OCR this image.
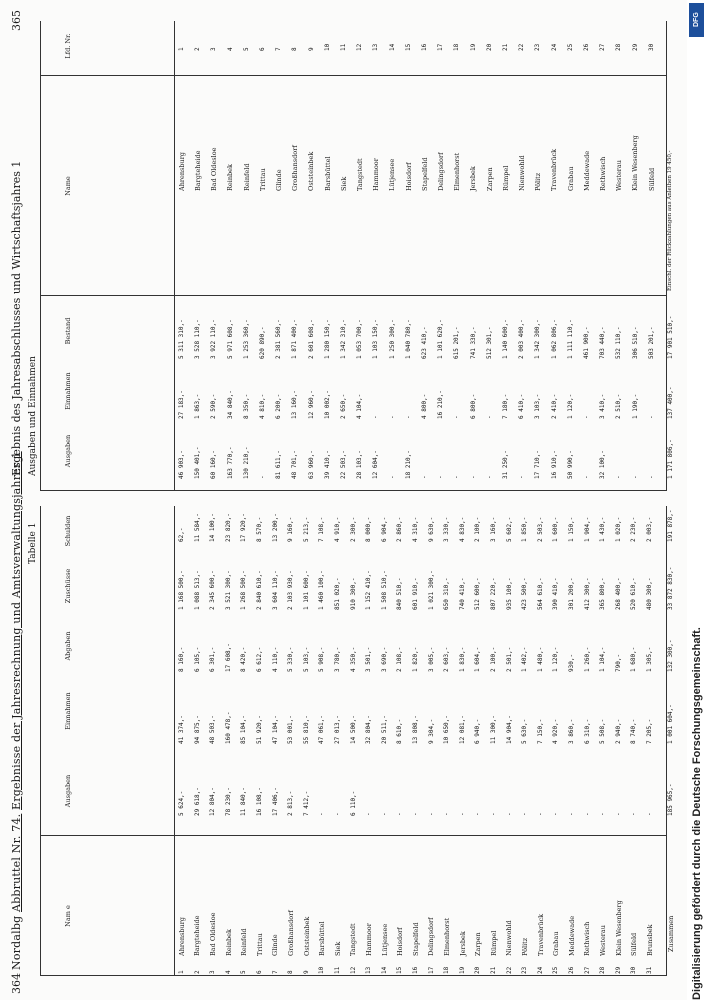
364
Nordalbg Abbruttel Nr. 74. Ergebnisse der Jahresrechnung und Amtsverwaltungsjahres 1
Ergebnis des Jahresabschlusses und Wirtschaftsjahres 1
365
Tabelle 1
Ausgaben und Einnahmen
Nam e
Ausgaben
Einnahmen
Abgaben
Zuschüsse
Schulden
Ausgaben
Einnahmen
Bestand
Name
Lfd. Nr.
1
Ahrensburg
5 624,-
41 374,-
8 160,-
1 168 500,-
62,-
2
Bargteheide
29 618,-
94 875,-
6 105,-
1 088 513,-
11 584,-
3
Bad Oldesloe
12 804,-
48 503,-
6 301,-
2 345 600,-
14 100,-
4
Reinbek
78 230,-
160 478,-
17 608,-
3 521 300,-
23 820,-
5
Reinfeld
11 840,-
85 104,-
8 420,-
1 268 500,-
17 920,-
6
Trittau
16 108,-
51 920,-
6 612,-
2 840 610,-
8 570,-
7
Glinde
17 406,-
47 104,-
4 110,-
3 604 110,-
13 200,-
8
Großhansdorf
2 813,-
53 001,-
5 330,-
2 103 930,-
9 160,-
9
Oststeinbek
7 412,-
55 810,-
5 103,-
1 101 600,-
5 213,-
10
Barsbüttel
-
47 061,-
5 908,-
1 460 100,-
7 108,-
11
Siek
-
27 013,-
3 780,-
851 020,-
4 910,-
12
Tangstedt
6 110,-
14 500,-
4 350,-
910 300,-
2 300,-
13
Hammoor
-
32 804,-
3 501,-
1 152 410,-
8 000,-
14
Lütjensee
-
20 511,-
3 690,-
1 508 510,-
6 904,-
15
Hoisdorf
-
8 610,-
2 108,-
840 510,-
2 860,-
16
Stapelfeld
-
13 808,-
1 820,-
601 910,-
4 310,-
17
Delingsdorf
-
9 304,-
3 005,-
1 021 300,-
9 630,-
18
Elmenhorst
-
10 650,-
2 603,-
650 310,-
3 330,-
19
Jersbek
-
12 081,-
1 830,-
740 410,-
4 830,-
20
Zarpen
-
6 940,-
1 604,-
512 600,-
2 100,-
21
Rümpel
-
11 300,-
2 100,-
807 220,-
3 160,-
22
Nienwohld
-
14 904,-
2 501,-
935 100,-
5 602,-
23
Pölitz
-
5 630,-
1 402,-
423 500,-
1 850,-
24
Travenbrück
-
7 150,-
1 480,-
564 610,-
2 503,-
25
Grabau
-
4 920,-
1 120,-
390 410,-
1 600,-
26
Meddewade
-
3 860,-
930,-
301 200,-
1 150,-
27
Rethwisch
-
6 310,-
1 260,-
412 300,-
1 904,-
28
Westerau
-
5 508,-
1 104,-
365 800,-
1 430,-
29
Klein Wesenberg
-
2 940,-
790,-
268 400,-
1 020,-
30
Sülfeld
-
8 740,-
1 680,-
520 610,-
2 230,-
31
Brunsbek
-
7 205,-
1 305,-
480 300,-
2 003,-
1
Ahrensburg
46 903,-
27 183,-
5 311 310,-
2
Bargteheide
150 401,-
1 863,-
3 528 110,-
3
Bad Oldesloe
60 160,-
2 590,-
3 922 110,-
4
Reinbek
163 770,-
34 840,-
5 971 608,-
5
Reinfeld
130 210,-
8 350,-
1 253 360,-
6
Trittau
-
4 810,-
620 890,-
7
Glinde
81 611,-
6 200,-
2 381 560,-
8
Großhansdorf
48 701,-
13 160,-
1 871 400,-
9
Oststeinbek
63 960,-
12 960,-
2 601 608,-
10
Barsbüttel
39 410,-
10 002,-
1 280 150,-
11
Siek
22 503,-
2 650,-
1 342 310,-
12
Tangstedt
28 103,-
4 104,-
1 053 700,-
13
Hammoor
12 604,-
-
1 103 150,-
14
Lütjensee
-
-
1 250 300,-
15
Hoisdorf
18 210,-
-
1 040 780,-
16
Stapelfeld
-
4 800,-
623 410,-
17
Delingsdorf
-
16 210,-
1 101 620,-
18
Elmenhorst
-
-
615 201,-
19
Jersbek
-
6 800,-
741 330,-
20
Zarpen
-
-
512 301,-
21
Rümpel
31 250,-
7 180,-
1 140 600,-
22
Nienwohld
-
6 410,-
2 003 400,-
23
Pölitz
17 710,-
3 103,-
1 342 300,-
24
Travenbrück
16 910,-
2 410,-
1 062 806,-
25
Grabau
50 990,-
1 120,-
1 111 110,-
26
Meddewade
-
-
461 900,-
27
Rethwisch
32 100,-
3 410,-
703 440,-
28
Westerau
-
2 510,-
532 110,-
29
Klein Wesenberg
-
1 190,-
306 510,-
30
Sülfeld
-
-
503 201,-
Zusammen
185 965,-
1 001 604,-
132 300,-
33 872 830,-
191 878,-
1 171 806,-
137 400,-
17 901 510,-
Einschl. der Rückzahlungen aus Anleihen 19 450,-
Digitalisierung gefördert durch die Deutsche Forschungsgemeinschaft.
DFG
